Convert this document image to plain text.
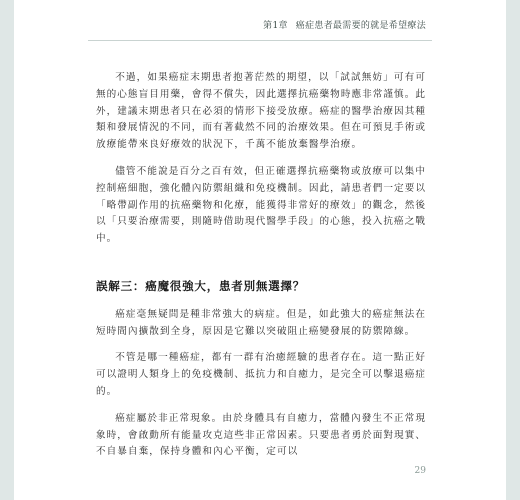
第1章 癌症患者最需要的就是希望療法

不過，如果癌症末期患者抱著茫然的期望，以「試試無妨」可有可無的心態盲目用藥，會得不償失，因此選擇抗癌藥物時應非常謹慎。此外，建議末期患者只在必須的情形下接受放療。癌症的醫學治療因其種類和發展情況的不同，而有著截然不同的治療效果。但在可預見手術或放療能帶來良好療效的狀況下，千萬不能放棄醫學治療。

儘管不能說是百分之百有效，但正確選擇抗癌藥物或放療可以集中控制癌細胞，強化體內防禦組織和免疫機制。因此，請患者們一定要以「略帶副作用的抗癌藥物和化療，能獲得非常好的療效」的觀念，然後以「只要治療需要，則隨時借助現代醫學手段」的心態，投入抗癌之戰中。

誤解三：癌魔很強大，患者別無選擇？

癌症毫無疑問是種非常強大的病症。但是，如此強大的癌症無法在短時間內擴散到全身，原因是它難以突破阻止癌變發展的防禦障線。

不管是哪一種癌症，都有一群有治癒經驗的患者存在。這一點正好可以證明人類身上的免疫機制、抵抗力和自癒力，是完全可以擊退癌症的。

癌症屬於非正常現象。由於身體具有自癒力，當體內發生不正常現象時，會啟動所有能量攻克這些非正常因素。只要患者勇於面對現實、不自暴自棄，保持身體和內心平衡，定可以

29
